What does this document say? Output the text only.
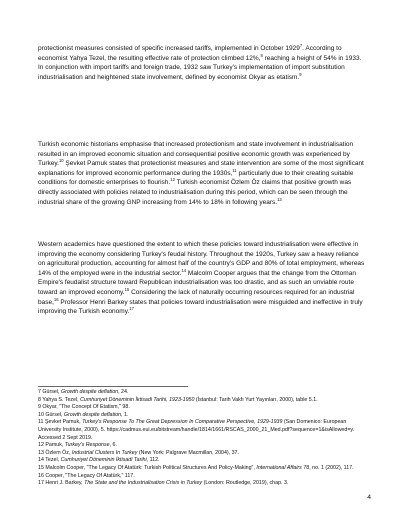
protectionist measures consisted of specific increased tariffs, implemented in October 1929$^7$. According to economist Yahya Tezel, the resulting effective rate of protection climbed 12%,$^8$ reaching a height of 54% in 1933. In conjunction with import tariffs and foreign trade, 1932 saw Turkey's implementation of import substitution industrialisation and heightened state involvement, defined by economist Okyar as etatism.$^9$

Turkish economic historians emphasise that increased protectionism and state involvement in industrialisation resulted in an improved economic situation and consequential positive economic growth was experienced by Turkey.$^{10}$ Şevket Pamuk states that protectionist measures and state intervention are some of the most significant explanations for improved economic performance during the 1930s,$^{11}$ particularly due to their creating suitable conditions for domestic enterprises to flourish.$^{12}$ Turkish economist Özlem Öz claims that positive growth was directly associated with policies related to industrialisation during this period, which can be seen through the industrial share of the growing GNP increasing from 14% to 18% in following years.$^{13}$

Western academics have questioned the extent to which these policies toward industrialisation were effective in improving the economy considering Turkey's feudal history. Throughout the 1920s, Turkey saw a heavy reliance on agricultural production, accounting for almost half of the country's GDP and 80% of total employment, whereas 14% of the employed were in the industrial sector.$^{14}$ Malcolm Cooper argues that the change from the Ottoman Empire's feudalist structure toward Republican industrialisation was too drastic, and as such an unviable route toward an improved economy.$^{15}$ Considering the lack of naturally occurring resources required for an industrial base,$^{16}$ Professor Henri Barkey states that policies toward industrialisation were misguided and ineffective in truly improving the Turkish economy.$^{17}$

7 Gürsel, Growth despite deflation, 24.
8 Yahya S. Tezel, Cumhuriyet Döneminin İktisadi Tarihi, 1923-1950 (İstanbul: Tarih Vakfı Yurt Yayınları, 2000), table 5.1.
9 Okyar, "The Concept Of Etatism," 98.
10 Gürsel, Growth despite deflation, 1.
11 Şevket Pamuk, Turkey's Response To The Great Depression In Comparative Perspective, 1929-1939 (San Domenico: European University Institute, 2000), 5. https://cadmus.eui.eu/bitstream/handle/1814/1661/RSCAS_2000_21_Med.pdf?sequence=1&isAllowed=y. Accessed 2 Sept 2019.
12 Pamuk, Turkey's Response, 6.
13 Özlem Öz, Industrial Clusters In Turkey (New York: Palgrave Macmillan, 2004), 37.
14 Tezel, Cumhuriyet Döneminin İktisadi Tarihi, 112.
15 Malcolm Cooper, "The Legacy Of Atatürk: Turkish Political Structures And Policy-Making", International Affairs 78, no. 1 (2002), 117.
16 Cooper, "The Legacy Of Atatürk," 117.
17 Henri J. Barkey, The State and the Industrialisation Crisis in Turkey (London: Routledge, 2019), chap. 3.
4
